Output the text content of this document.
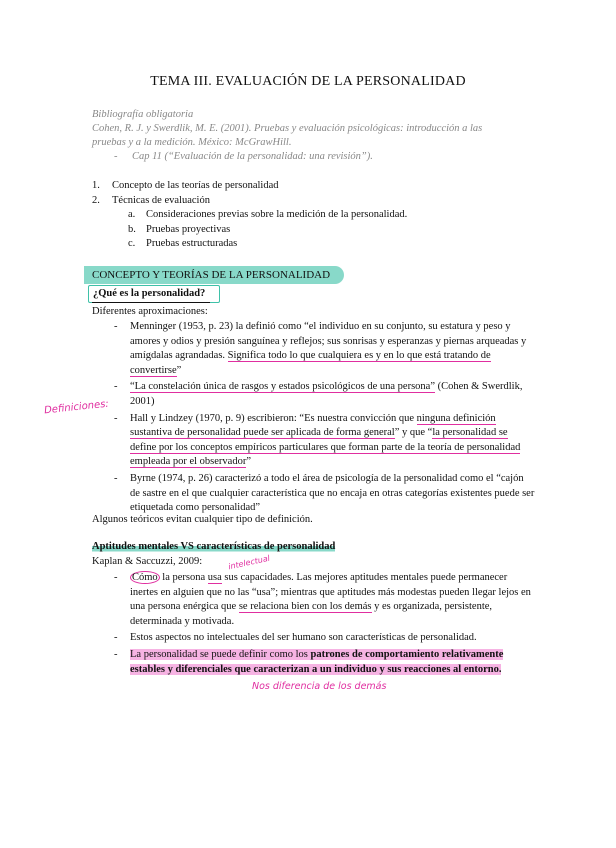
TEMA III. EVALUACIÓN DE LA PERSONALIDAD
Bibliografía obligatoria
Cohen, R. J. y Swerdlik, M. E. (2001). Pruebas y evaluación psicológicas: introducción a las
pruebas y a la medición. México: McGrawHill.
- Cap 11 (“Evaluación de la personalidad: una revisión”).
1.	Concepto de las teorías de personalidad
2.	Técnicas de evaluación
a.	Consideraciones previas sobre la medición de la personalidad.
b. Pruebas proyectivas
c.	Pruebas estructuradas
CONCEPTO Y TEORÍAS DE LA PERSONALIDAD
¿Qué es la personalidad?
Diferentes aproximaciones:
-	Menninger (1953, p. 23) la definió como “el individuo en su conjunto, su estatura y peso y amores y odios y presión sanguínea y reflejos; sus sonrisas y esperanzas y piernas arqueadas y amígdalas agrandadas. Significa todo lo que cualquiera es y en lo que está tratando de convertirse”
-	“La constelación única de rasgos y estados psicológicos de una persona” (Cohen & Swerdlik, 2001)
-	Hall y Lindzey (1970, p. 9) escribieron: “Es nuestra convicción que ninguna definición sustantiva de personalidad puede ser aplicada de forma general” y que “la personalidad se define por los conceptos empíricos particulares que forman parte de la teoría de personalidad empleada por el observador”
-	Byrne (1974, p. 26) caracterizó a todo el área de psicología de la personalidad como el “cajón de sastre en el que cualquier característica que no encaja en otras categorías existentes puede ser etiquetada como personalidad”
Algunos teóricos evitan cualquier tipo de definición.
Definiciones:
Aptitudes mentales VS características de personalidad
Kaplan & Saccuzzi, 2009:	intelectual
-	Cómo la persona usa sus capacidades. Las mejores aptitudes mentales puede permanecer inertes en alguien que no las “usa”; mientras que aptitudes más modestas pueden llegar lejos en una persona enérgica que se relaciona bien con los demás y es organizada, persistente, determinada y motivada.
-	Estos aspectos no intelectuales del ser humano son características de personalidad.
-	La personalidad se puede definir como los patrones de comportamiento relativamente estables y diferenciales que caracterizan a un individuo y sus reacciones al entorno.
Nos diferencia de los demás
